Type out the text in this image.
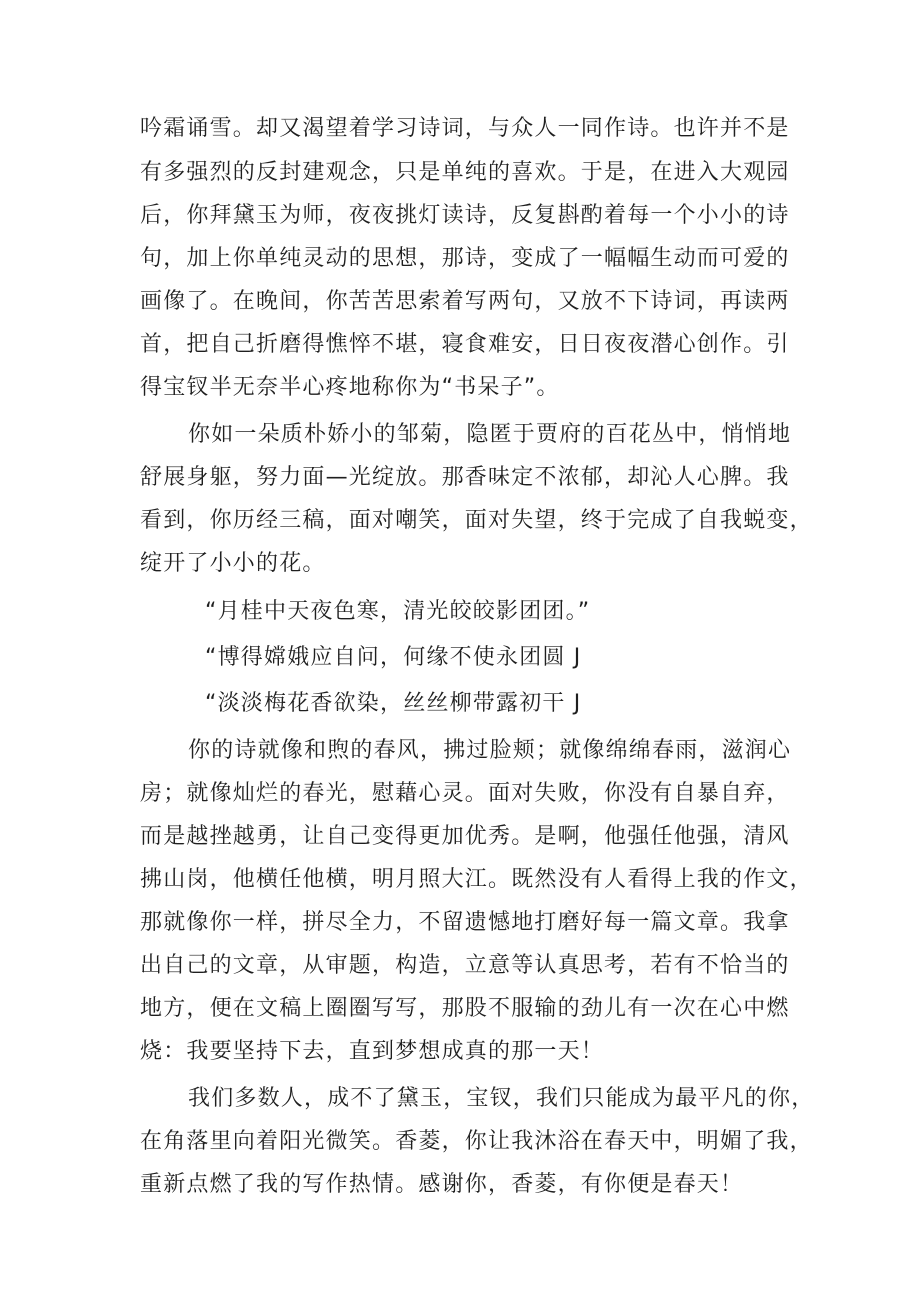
吟霜诵雪。却又渴望着学习诗词，与众人一同作诗。也许并不是
有多强烈的反封建观念，只是单纯的喜欢。于是，在进入大观园
后，你拜黛玉为师，夜夜挑灯读诗，反复斟酌着每一个小小的诗
句，加上你单纯灵动的思想，那诗，变成了一幅幅生动而可爱的
画像了。在晚间，你苦苦思索着写两句，又放不下诗词，再读两
首，把自己折磨得憔悴不堪，寝食难安，日日夜夜潜心创作。引
得宝钗半无奈半心疼地称你为“书呆子”。
你如一朵质朴娇小的邹菊，隐匿于贾府的百花丛中，悄悄地
舒展身躯，努力面—光绽放。那香味定不浓郁，却沁人心脾。我
看到，你历经三稿，面对嘲笑，面对失望，终于完成了自我蜕变，
绽开了小小的花。
“月桂中天夜色寒，清光皎皎影团团。”
“博得嫦娥应自问，何缘不使永团圆 J
“淡淡梅花香欲染，丝丝柳带露初干 J
你的诗就像和煦的春风，拂过脸颊；就像绵绵春雨，滋润心
房；就像灿烂的春光，慰藉心灵。面对失败，你没有自暴自弃，
而是越挫越勇，让自己变得更加优秀。是啊，他强任他强，清风
拂山岗，他横任他横，明月照大江。既然没有人看得上我的作文，
那就像你一样，拼尽全力，不留遗憾地打磨好每一篇文章。我拿
出自己的文章，从审题，构造，立意等认真思考，若有不恰当的
地方，便在文稿上圈圈写写，那股不服输的劲儿有一次在心中燃
烧：我要坚持下去，直到梦想成真的那一天！
我们多数人，成不了黛玉，宝钗，我们只能成为最平凡的你，
在角落里向着阳光微笑。香菱，你让我沐浴在春天中，明媚了我，
重新点燃了我的写作热情。感谢你，香菱，有你便是春天！
